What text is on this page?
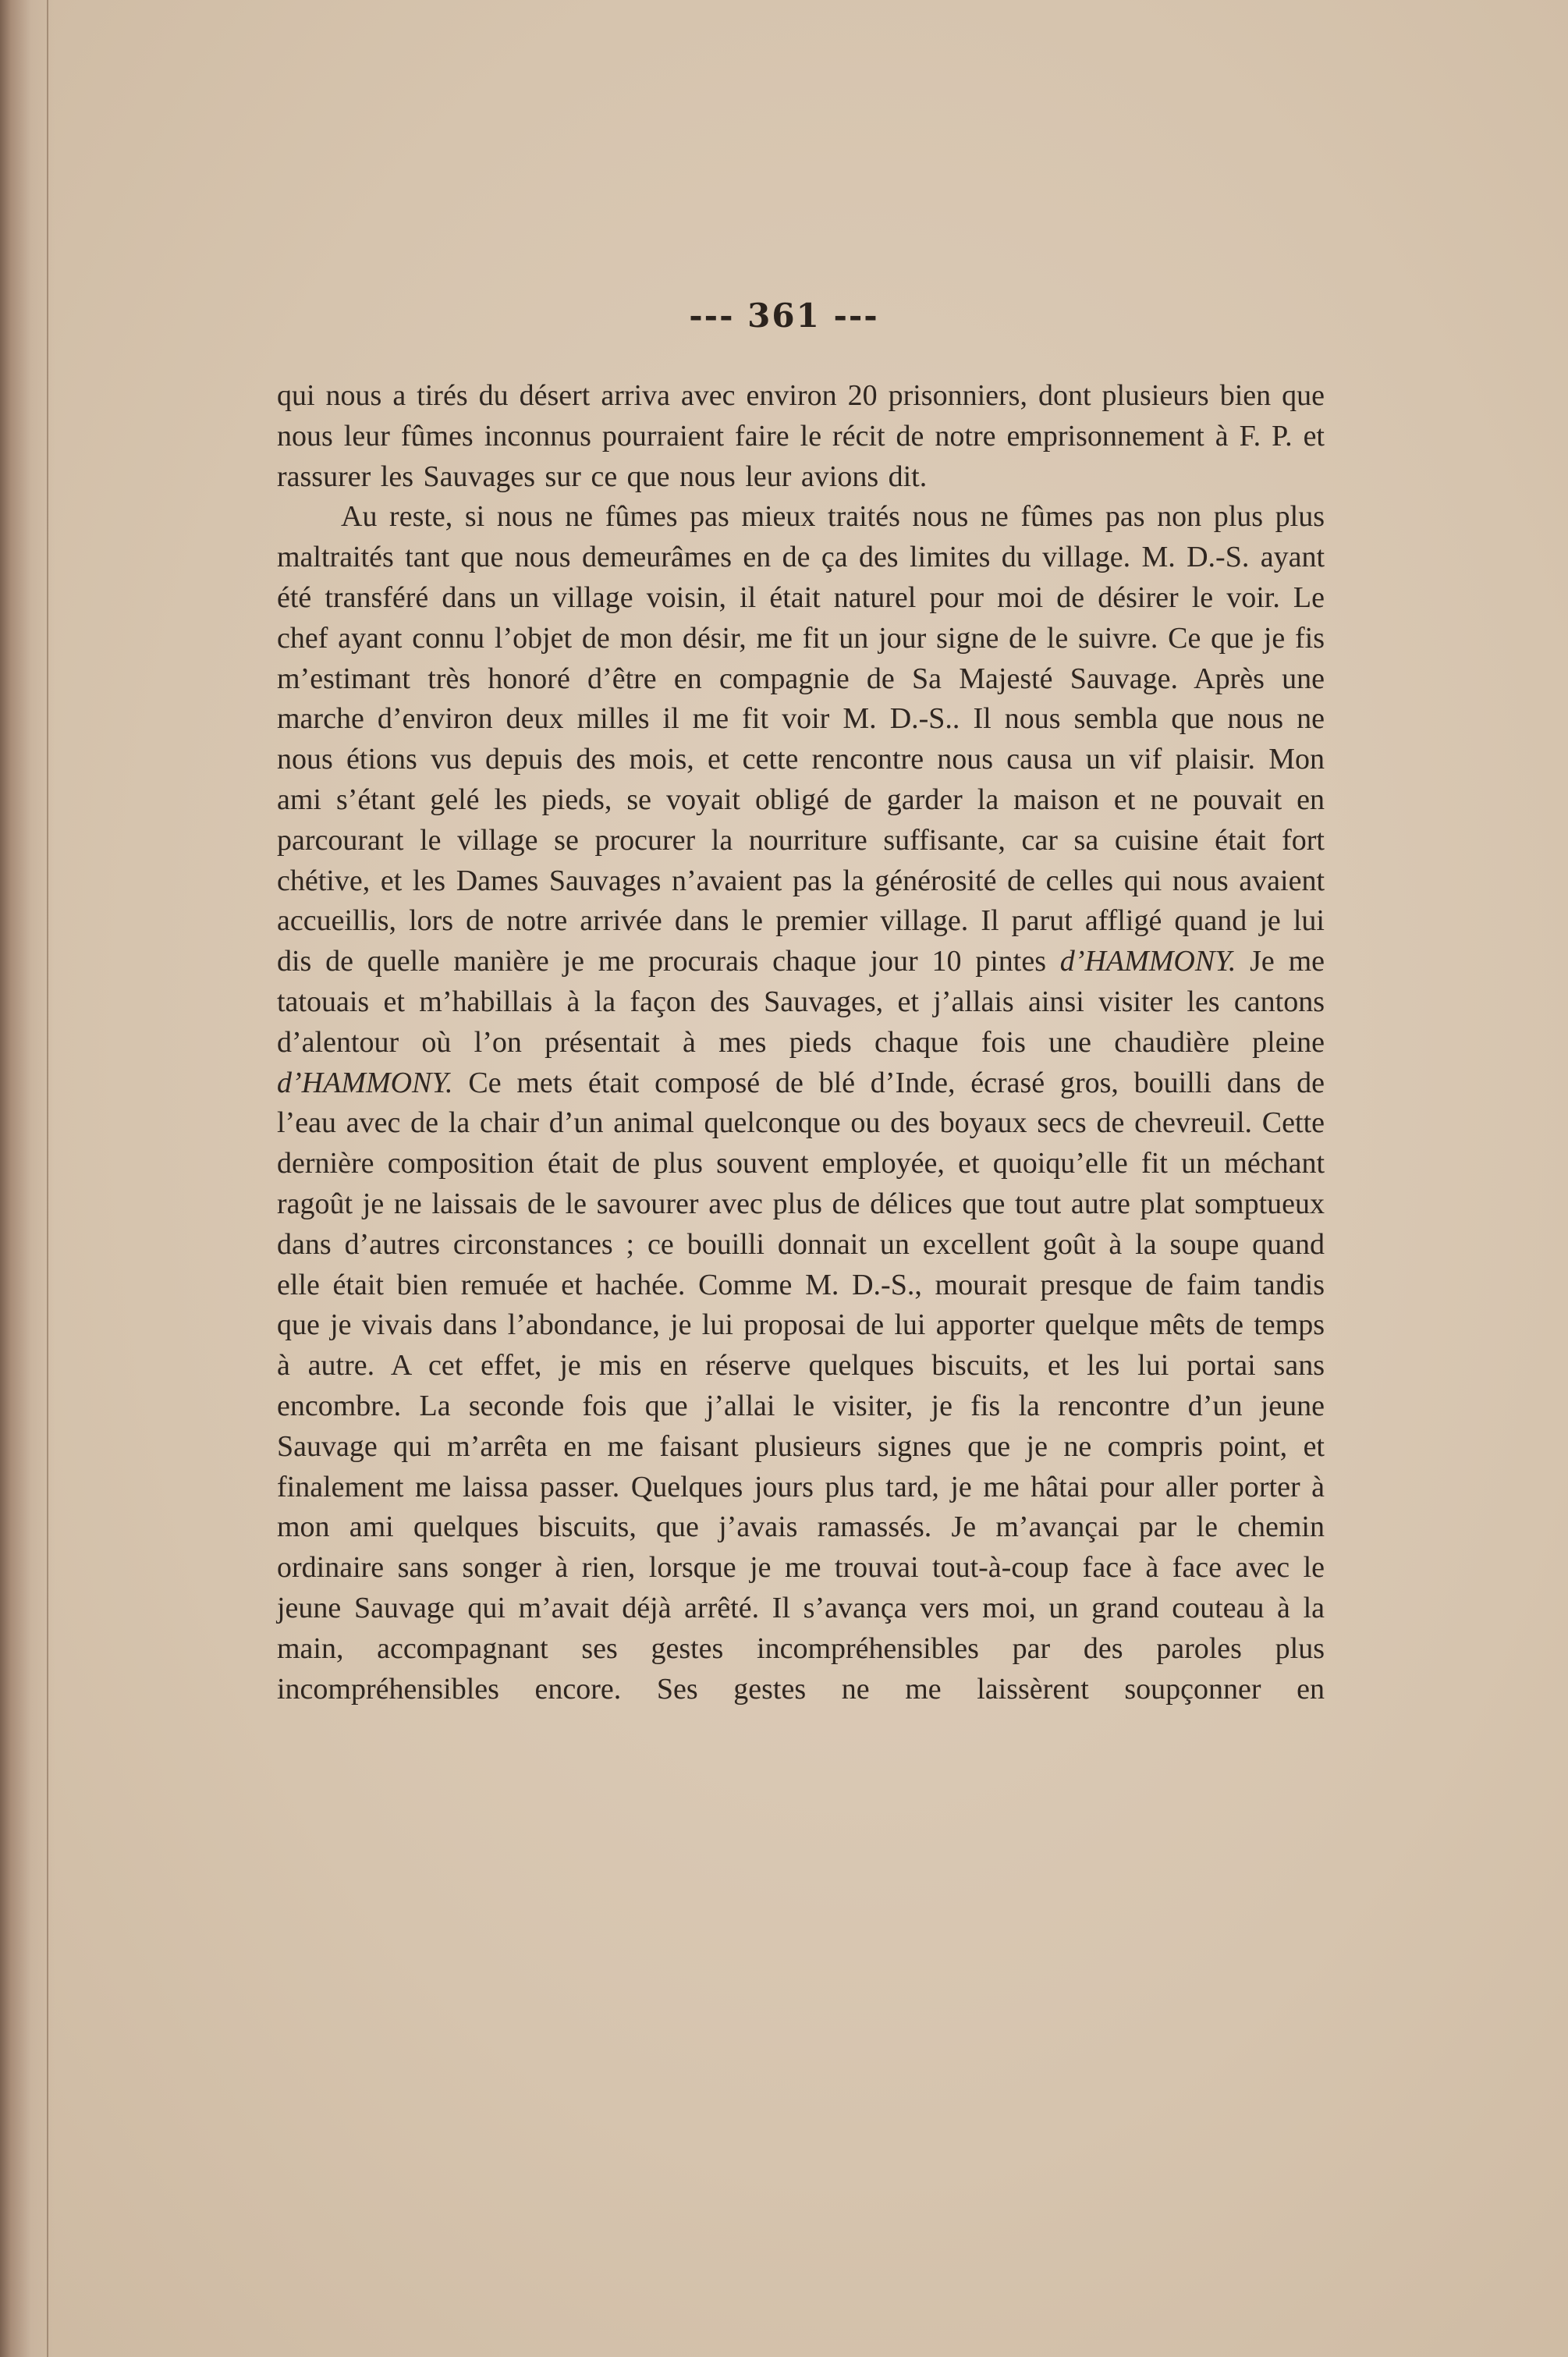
--- 361 ---

qui nous a tirés du désert arriva avec environ 20 prisonniers, dont plusieurs bien que nous leur fûmes inconnus pourraient faire le récit de notre emprisonnement à F. P. et rassurer les Sauvages sur ce que nous leur avions dit.

Au reste, si nous ne fûmes pas mieux traités nous ne fûmes pas non plus plus maltraités tant que nous demeurâmes en de ça des limites du village. M. D.-S. ayant été transféré dans un village voisin, il était naturel pour moi de désirer le voir. Le chef ayant connu l’objet de mon désir, me fit un jour signe de le suivre. Ce que je fis m’estimant très honoré d’être en compagnie de Sa Majesté Sauvage. Après une marche d’environ deux milles il me fit voir M. D.-S.. Il nous sembla que nous ne nous étions vus depuis des mois, et cette rencontre nous causa un vif plaisir. Mon ami s’étant gelé les pieds, se voyait obligé de garder la maison et ne pouvait en parcourant le village se procurer la nourriture suffisante, car sa cuisine était fort chétive, et les Dames Sauvages n’avaient pas la générosité de celles qui nous avaient accueillis, lors de notre arrivée dans le premier village. Il parut affligé quand je lui dis de quelle manière je me procurais chaque jour 10 pintes d’HAMMONY. Je me tatouais et m’habillais à la façon des Sauvages, et j’allais ainsi visiter les cantons d’alentour où l’on présentait à mes pieds chaque fois une chaudière pleine d’HAMMONY. Ce mets était composé de blé d’Inde, écrasé gros, bouilli dans de l’eau avec de la chair d’un animal quelconque ou des boyaux secs de chevreuil. Cette dernière composition était de plus souvent employée, et quoiqu’elle fit un méchant ragoût je ne laissais de le savourer avec plus de délices que tout autre plat somptueux dans d’autres circonstances ; ce bouilli donnait un excellent goût à la soupe quand elle était bien remuée et hachée. Comme M. D.-S., mourait presque de faim tandis que je vivais dans l’abondance, je lui proposai de lui apporter quelque mêts de temps à autre. A cet effet, je mis en réserve quelques biscuits, et les lui portai sans encombre. La seconde fois que j’allai le visiter, je fis la rencontre d’un jeune Sauvage qui m’arrêta en me faisant plusieurs signes que je ne compris point, et finalement me laissa passer. Quelques jours plus tard, je me hâtai pour aller porter à mon ami quelques biscuits, que j’avais ramassés. Je m’avançai par le chemin ordinaire sans songer à rien, lorsque je me trouvai tout-à-coup face à face avec le jeune Sauvage qui m’avait déjà arrêté. Il s’avança vers moi, un grand couteau à la main, accompagnant ses gestes incompréhensibles par des paroles plus incompréhensibles encore. Ses gestes ne me laissèrent soupçonner en
